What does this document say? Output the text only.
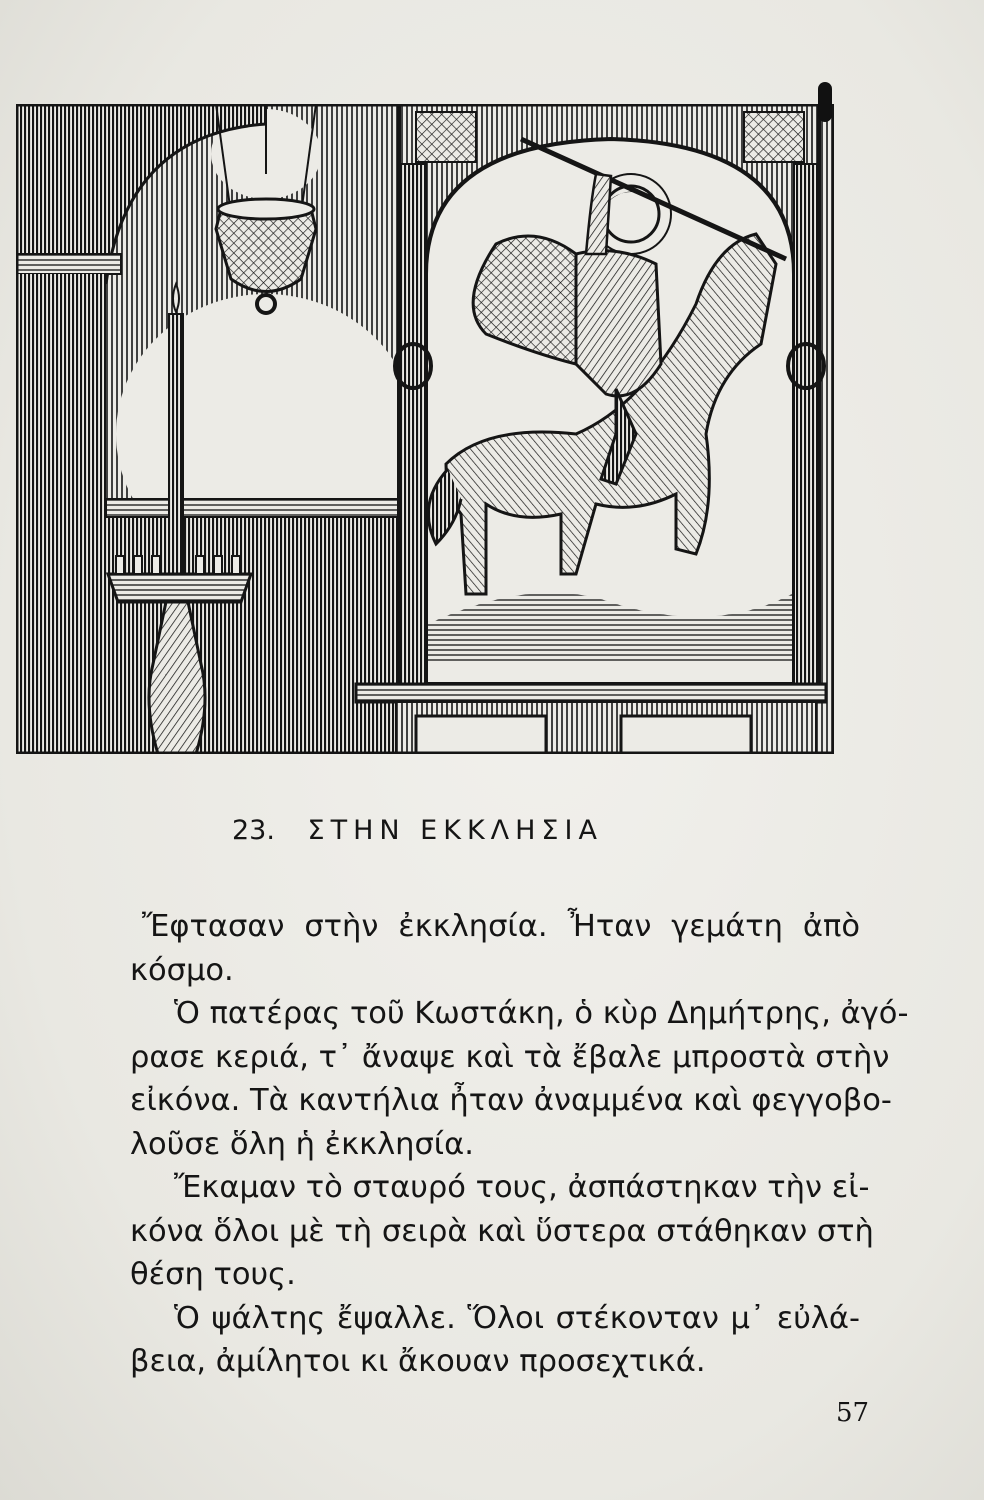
23. ΣΤΗΝ ΕΚΚΛΗΣΙΑ

Ἔφτασαν στὴν ἐκκλησία. Ἦταν γεμάτη ἀπὸ
κόσμο.

Ὁ πατέρας τοῦ Κωστάκη, ὁ κὺρ Δημήτρης, ἀγό-
ρασε κεριά, τ᾽ ἄναψε καὶ τὰ ἔβαλε μπροστὰ στὴν
εἰκόνα. Τὰ καντήλια ἦταν ἀναμμένα καὶ φεγγοβο-
λοῦσε ὅλη ἡ ἐκκλησία.

Ἔκαμαν τὸ σταυρό τους, ἀσπάστηκαν τὴν εἰ-
κόνα ὅλοι μὲ τὴ σειρὰ καὶ ὕστερα στάθηκαν στὴ
θέση τους.

Ὁ ψάλτης ἔψαλλε. Ὅλοι στέκονταν μ᾽ εὐλά-
βεια, ἀμίλητοι κι ἄκουαν προσεχτικά.

57
